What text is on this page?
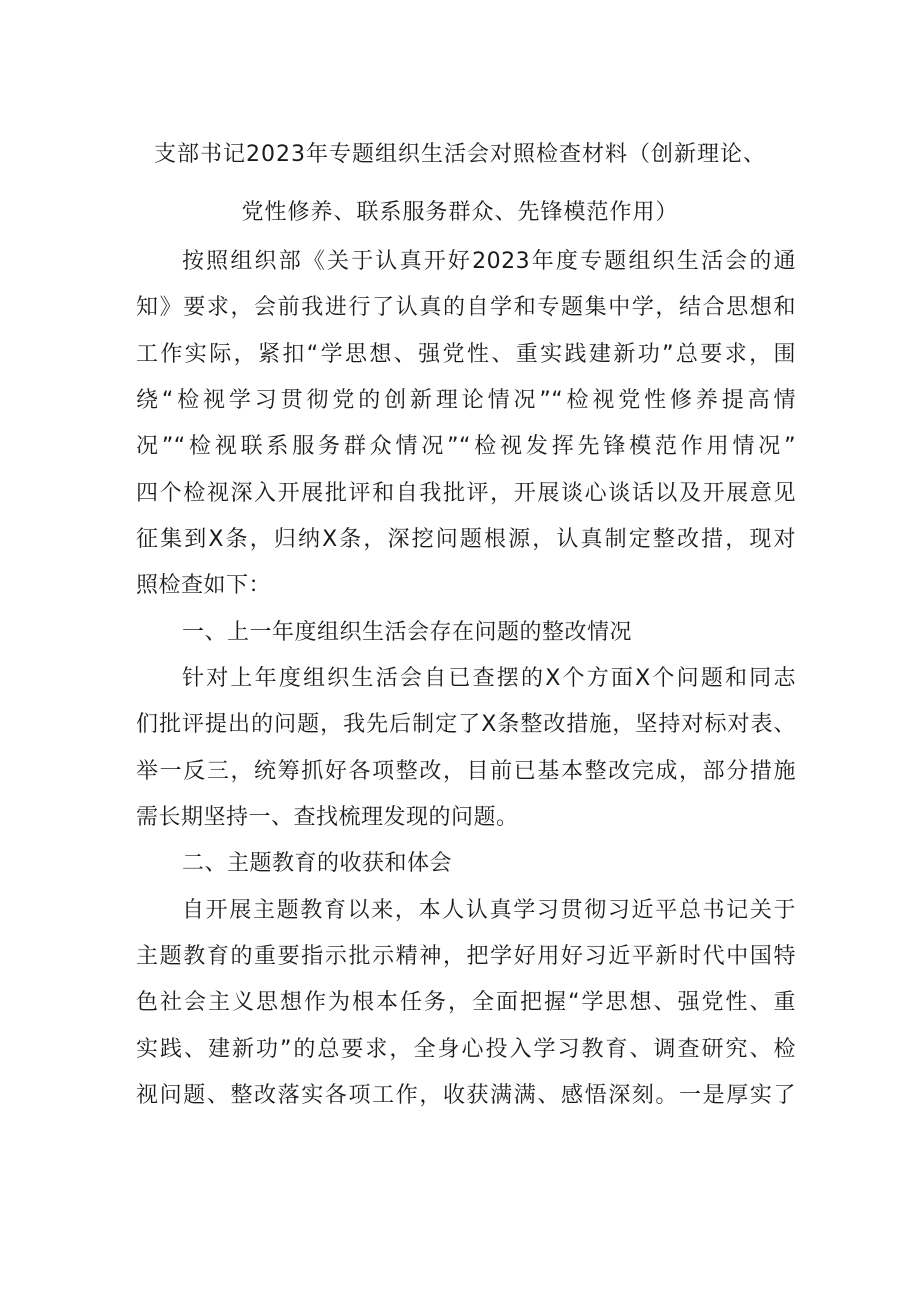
支部书记2023年专题组织生活会对照检查材料（创新理论、
党性修养、联系服务群众、先锋模范作用）
按照组织部《关于认真开好2023年度专题组织生活会的通
知》要求，会前我进行了认真的自学和专题集中学，结合思想和
工作实际，紧扣“学思想、强党性、重实践建新功”总要求，围
绕“检视学习贯彻党的创新理论情况”“检视党性修养提高情
况”“检视联系服务群众情况”“检视发挥先锋模范作用情况”
四个检视深入开展批评和自我批评，开展谈心谈话以及开展意见
征集到X条，归纳X条，深挖问题根源，认真制定整改措，现对
照检查如下：
一、上一年度组织生活会存在问题的整改情况
针对上年度组织生活会自已查摆的X个方面X个问题和同志
们批评提出的问题，我先后制定了X条整改措施，坚持对标对表、
举一反三，统筹抓好各项整改，目前已基本整改完成，部分措施
需长期坚持一、查找梳理发现的问题。
二、主题教育的收获和体会
自开展主题教育以来，本人认真学习贯彻习近平总书记关于
主题教育的重要指示批示精神，把学好用好习近平新时代中国特
色社会主义思想作为根本任务，全面把握“学思想、强党性、重
实践、建新功”的总要求，全身心投入学习教育、调查研究、检
视问题、整改落实各项工作，收获满满、感悟深刻。一是厚实了
